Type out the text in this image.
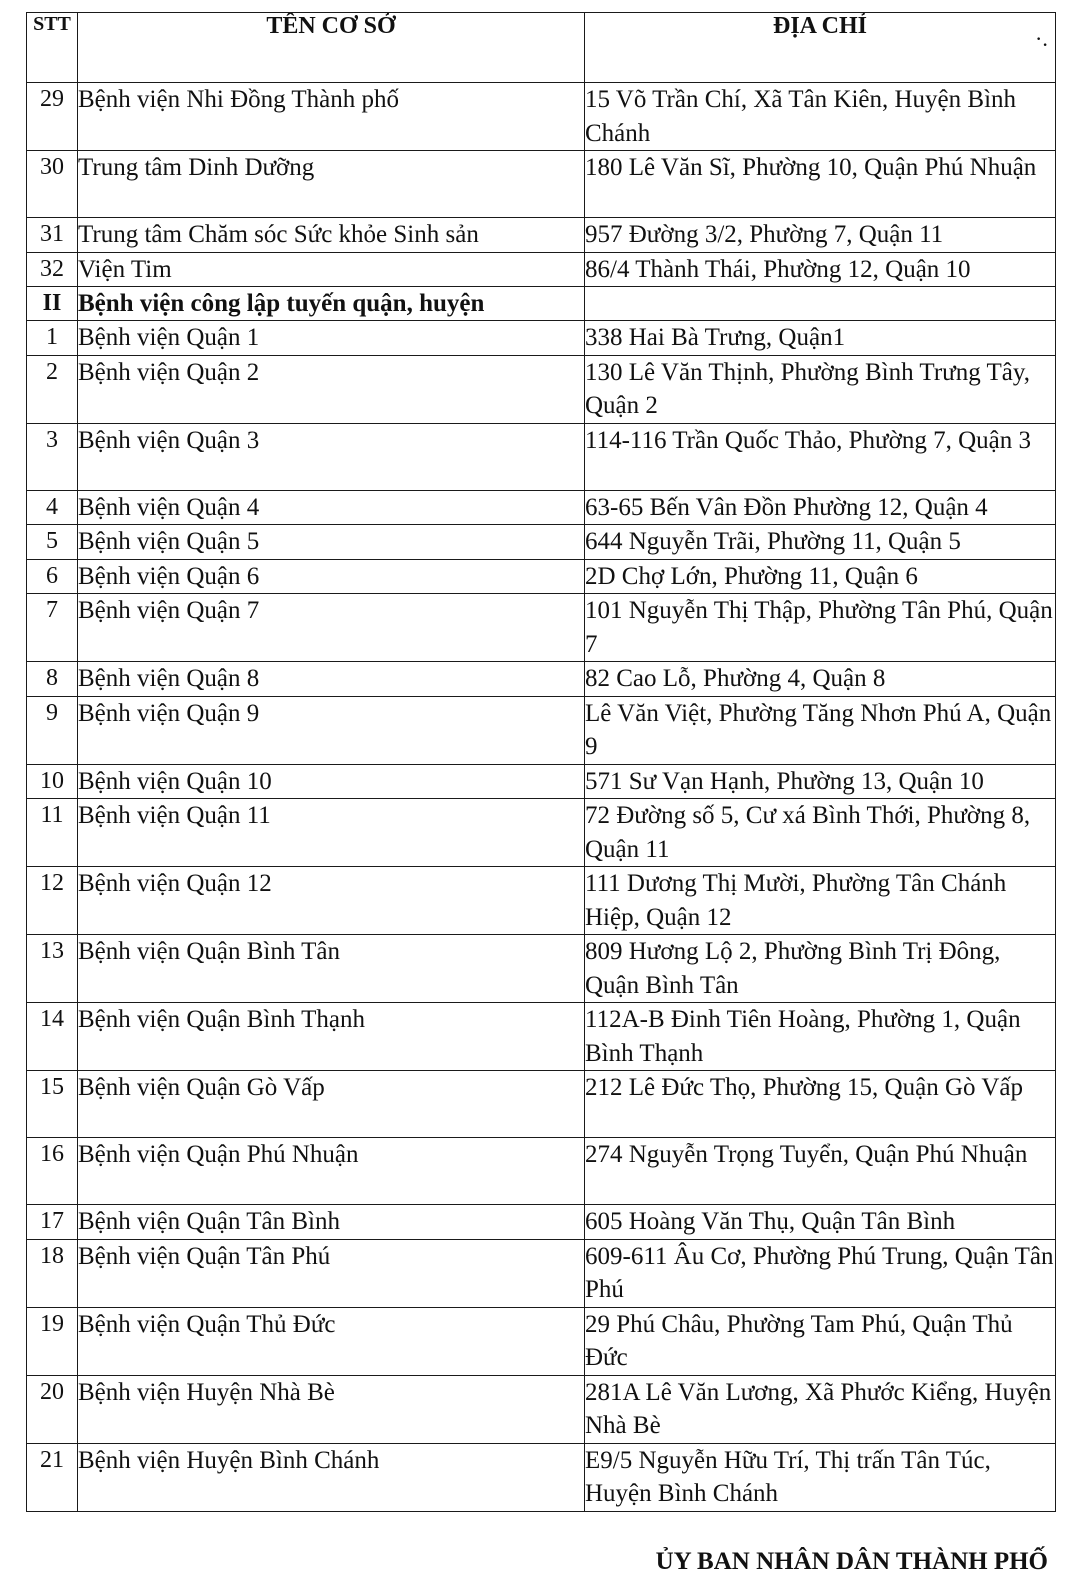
STT	TÊN CƠ SỞ	ĐỊA CHỈ
29	Bệnh viện Nhi Đồng Thành phố	15 Võ Trần Chí, Xã Tân Kiên, Huyện Bình Chánh
30	Trung tâm Dinh Dưỡng	180 Lê Văn Sĩ, Phường 10, Quận Phú Nhuận
31	Trung tâm Chăm sóc Sức khỏe Sinh sản	957 Đường 3/2, Phường 7, Quận 11
32	Viện Tim	86/4 Thành Thái, Phường 12, Quận 10
II	Bệnh viện công lập tuyến quận, huyện	
1	Bệnh viện Quận 1	338 Hai Bà Trưng, Quận1
2	Bệnh viện Quận 2	130 Lê Văn Thịnh, Phường Bình Trưng Tây, Quận 2
3	Bệnh viện Quận 3	114-116 Trần Quốc Thảo, Phường 7, Quận 3
4	Bệnh viện Quận 4	63-65 Bến Vân Đồn Phường 12, Quận 4
5	Bệnh viện Quận 5	644 Nguyễn Trãi, Phường 11, Quận 5
6	Bệnh viện Quận 6	2D Chợ Lớn, Phường 11, Quận 6
7	Bệnh viện Quận 7	101 Nguyễn Thị Thập, Phường Tân Phú, Quận 7
8	Bệnh viện Quận 8	82 Cao Lỗ, Phường 4, Quận 8
9	Bệnh viện Quận 9	Lê Văn Việt, Phường Tăng Nhơn Phú A, Quận 9
10	Bệnh viện Quận 10	571 Sư Vạn Hạnh, Phường 13, Quận 10
11	Bệnh viện Quận 11	72 Đường số 5, Cư xá Bình Thới, Phường 8, Quận 11
12	Bệnh viện Quận 12	111 Dương Thị Mười, Phường Tân Chánh Hiệp, Quận 12
13	Bệnh viện Quận Bình Tân	809 Hương Lộ 2, Phường Bình Trị Đông, Quận Bình Tân
14	Bệnh viện Quận Bình Thạnh	112A-B Đinh Tiên Hoàng, Phường 1, Quận Bình Thạnh
15	Bệnh viện Quận Gò Vấp	212 Lê Đức Thọ, Phường 15, Quận Gò Vấp
16	Bệnh viện Quận Phú Nhuận	274 Nguyễn Trọng Tuyển, Quận Phú Nhuận
17	Bệnh viện Quận Tân Bình	605 Hoàng Văn Thụ, Quận Tân Bình
18	Bệnh viện Quận Tân Phú	609-611 Âu Cơ, Phường Phú Trung, Quận Tân Phú
19	Bệnh viện Quận Thủ Đức	29 Phú Châu, Phường Tam Phú, Quận Thủ Đức
20	Bệnh viện Huyện Nhà Bè	281A Lê Văn Lương, Xã Phước Kiểng, Huyện Nhà Bè
21	Bệnh viện Huyện Bình Chánh	E9/5 Nguyễn Hữu Trí, Thị trấn Tân Túc, Huyện Bình Chánh
·.
ỦY BAN NHÂN DÂN THÀNH PHỐ
